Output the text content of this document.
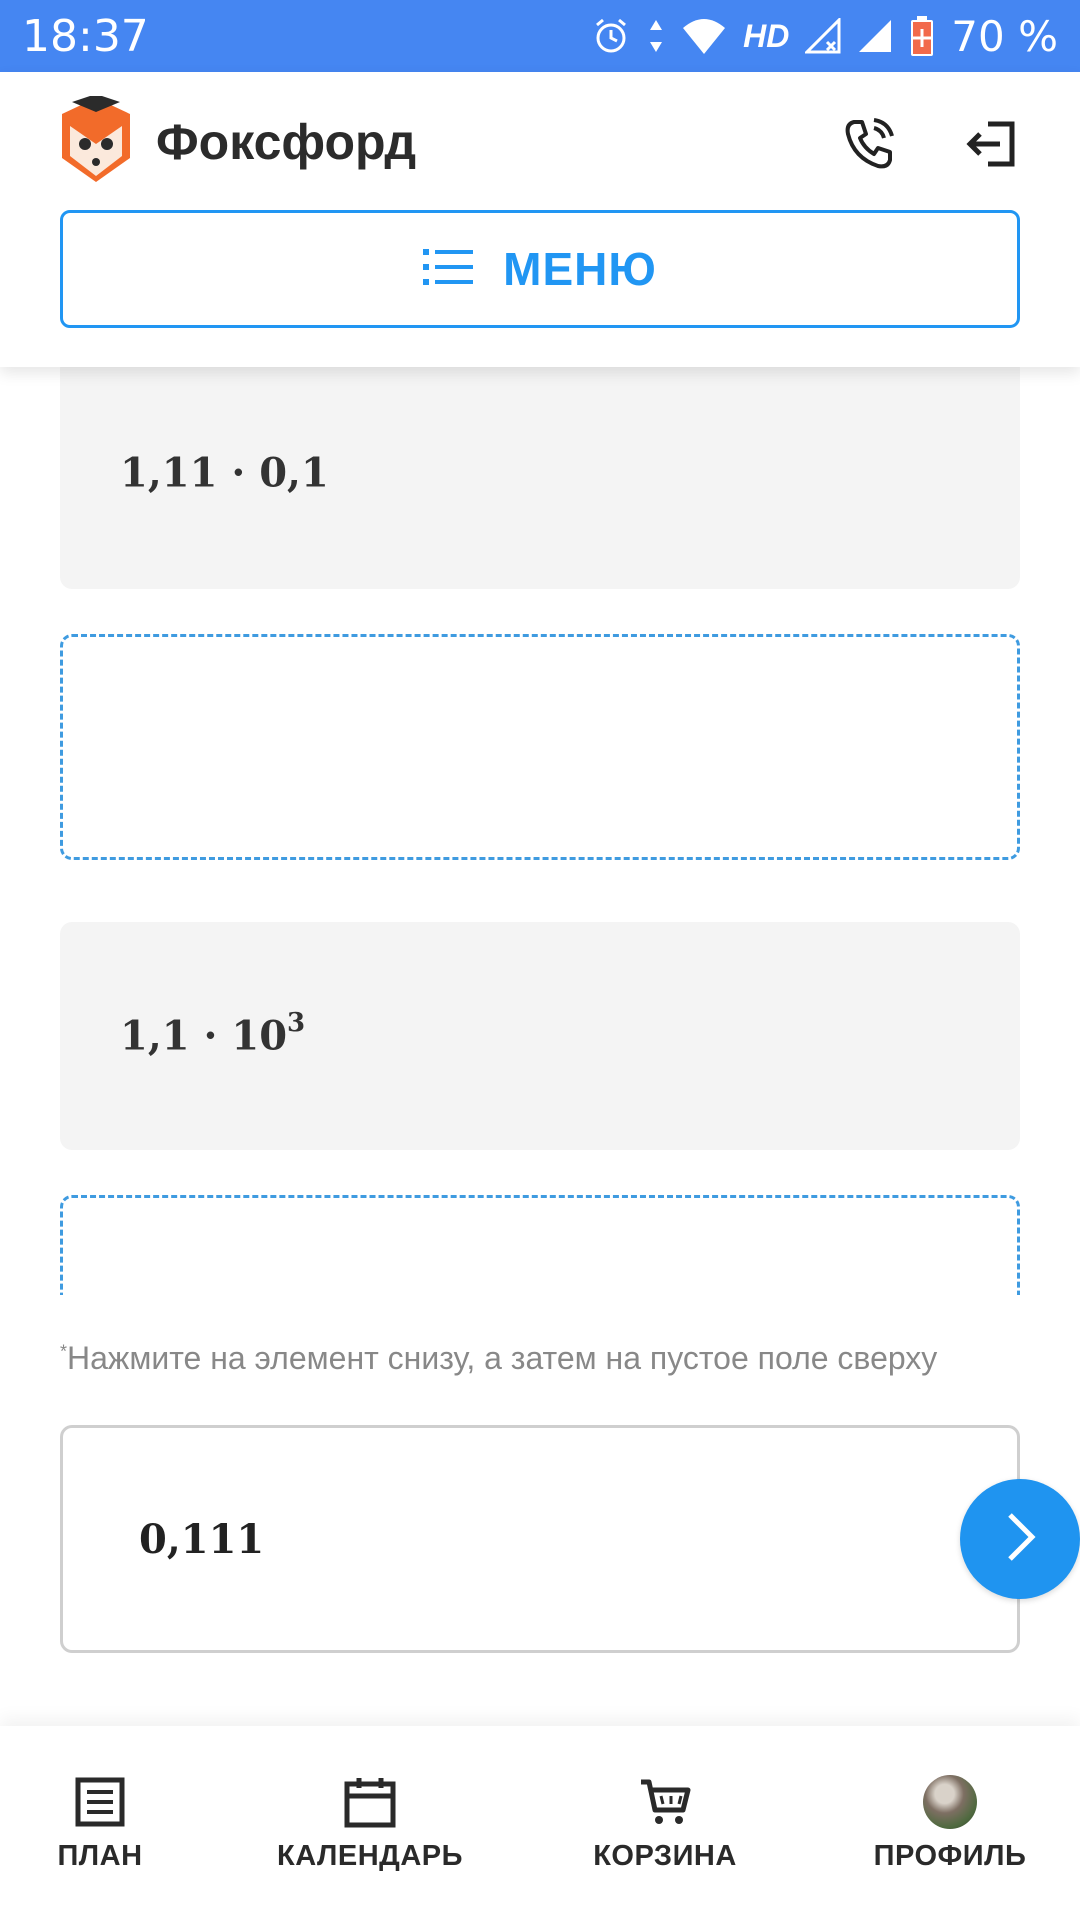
18:37	HD	70 %
Фоксфорд
МЕНЮ
1,11 · 0,1
$1,1 \cdot 10^3$
*Нажмите на элемент снизу, а затем на пустое поле сверху
0,111
ПЛАН	КАЛЕНДАРЬ	КОРЗИНА	ПРОФИЛЬ
